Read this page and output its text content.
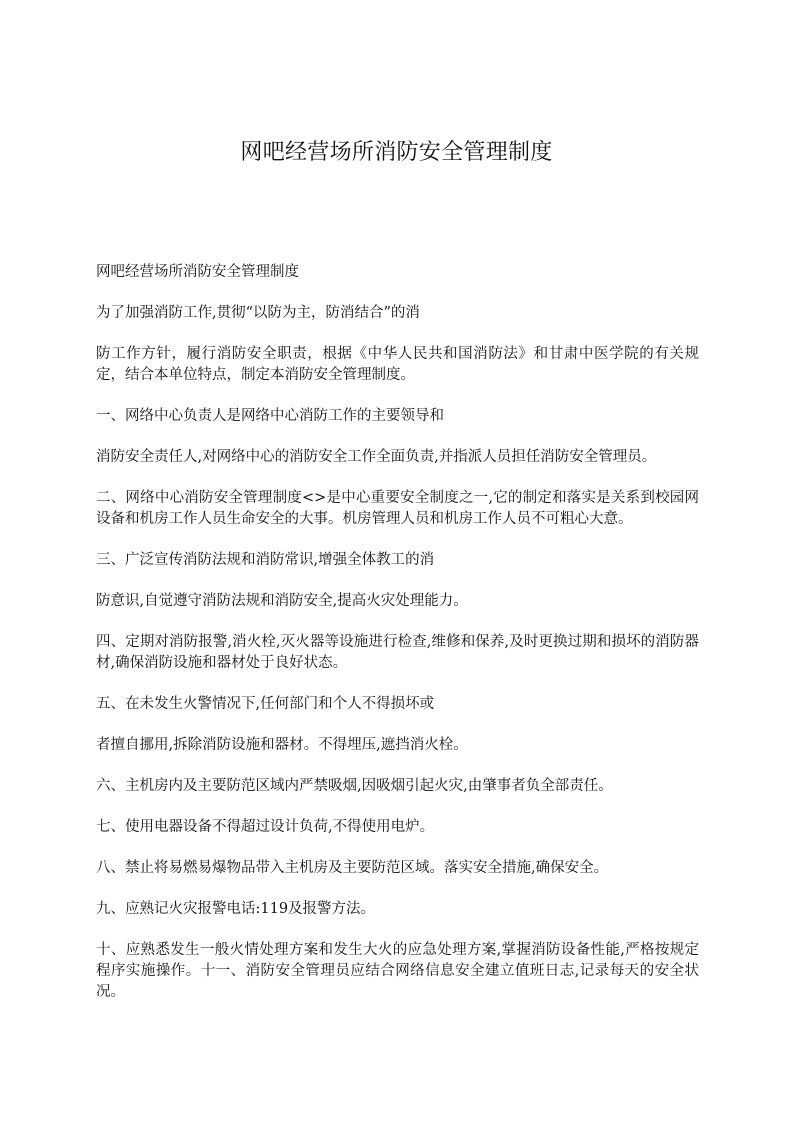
网吧经营场所消防安全管理制度

网吧经营场所消防安全管理制度

为了加强消防工作,贯彻“以防为主，防消结合”的消

防工作方针，履行消防安全职责，根据《中华人民共和国消防法》和甘肃中医学院的有关规定，结合本单位特点，制定本消防安全管理制度。

一、网络中心负责人是网络中心消防工作的主要领导和

消防安全责任人,对网络中心的消防安全工作全面负责,并指派人员担任消防安全管理员。

二、网络中心消防安全管理制度<>是中心重要安全制度之一,它的制定和落实是关系到校园网设备和机房工作人员生命安全的大事。机房管理人员和机房工作人员不可粗心大意。

三、广泛宣传消防法规和消防常识,增强全体教工的消

防意识,自觉遵守消防法规和消防安全,提高火灾处理能力。

四、定期对消防报警,消火栓,灭火器等设施进行检查,维修和保养,及时更换过期和损坏的消防器材,确保消防设施和器材处于良好状态。

五、在未发生火警情况下,任何部门和个人不得损坏或

者擅自挪用,拆除消防设施和器材。不得埋压,遮挡消火栓。

六、主机房内及主要防范区域内严禁吸烟,因吸烟引起火灾,由肇事者负全部责任。

七、使用电器设备不得超过设计负荷,不得使用电炉。

八、禁止将易燃易爆物品带入主机房及主要防范区域。落实安全措施,确保安全。

九、应熟记火灾报警电话:119及报警方法。

十、应熟悉发生一般火情处理方案和发生大火的应急处理方案,掌握消防设备性能,严格按规定程序实施操作。十一、消防安全管理员应结合网络信息安全建立值班日志,记录每天的安全状况。
